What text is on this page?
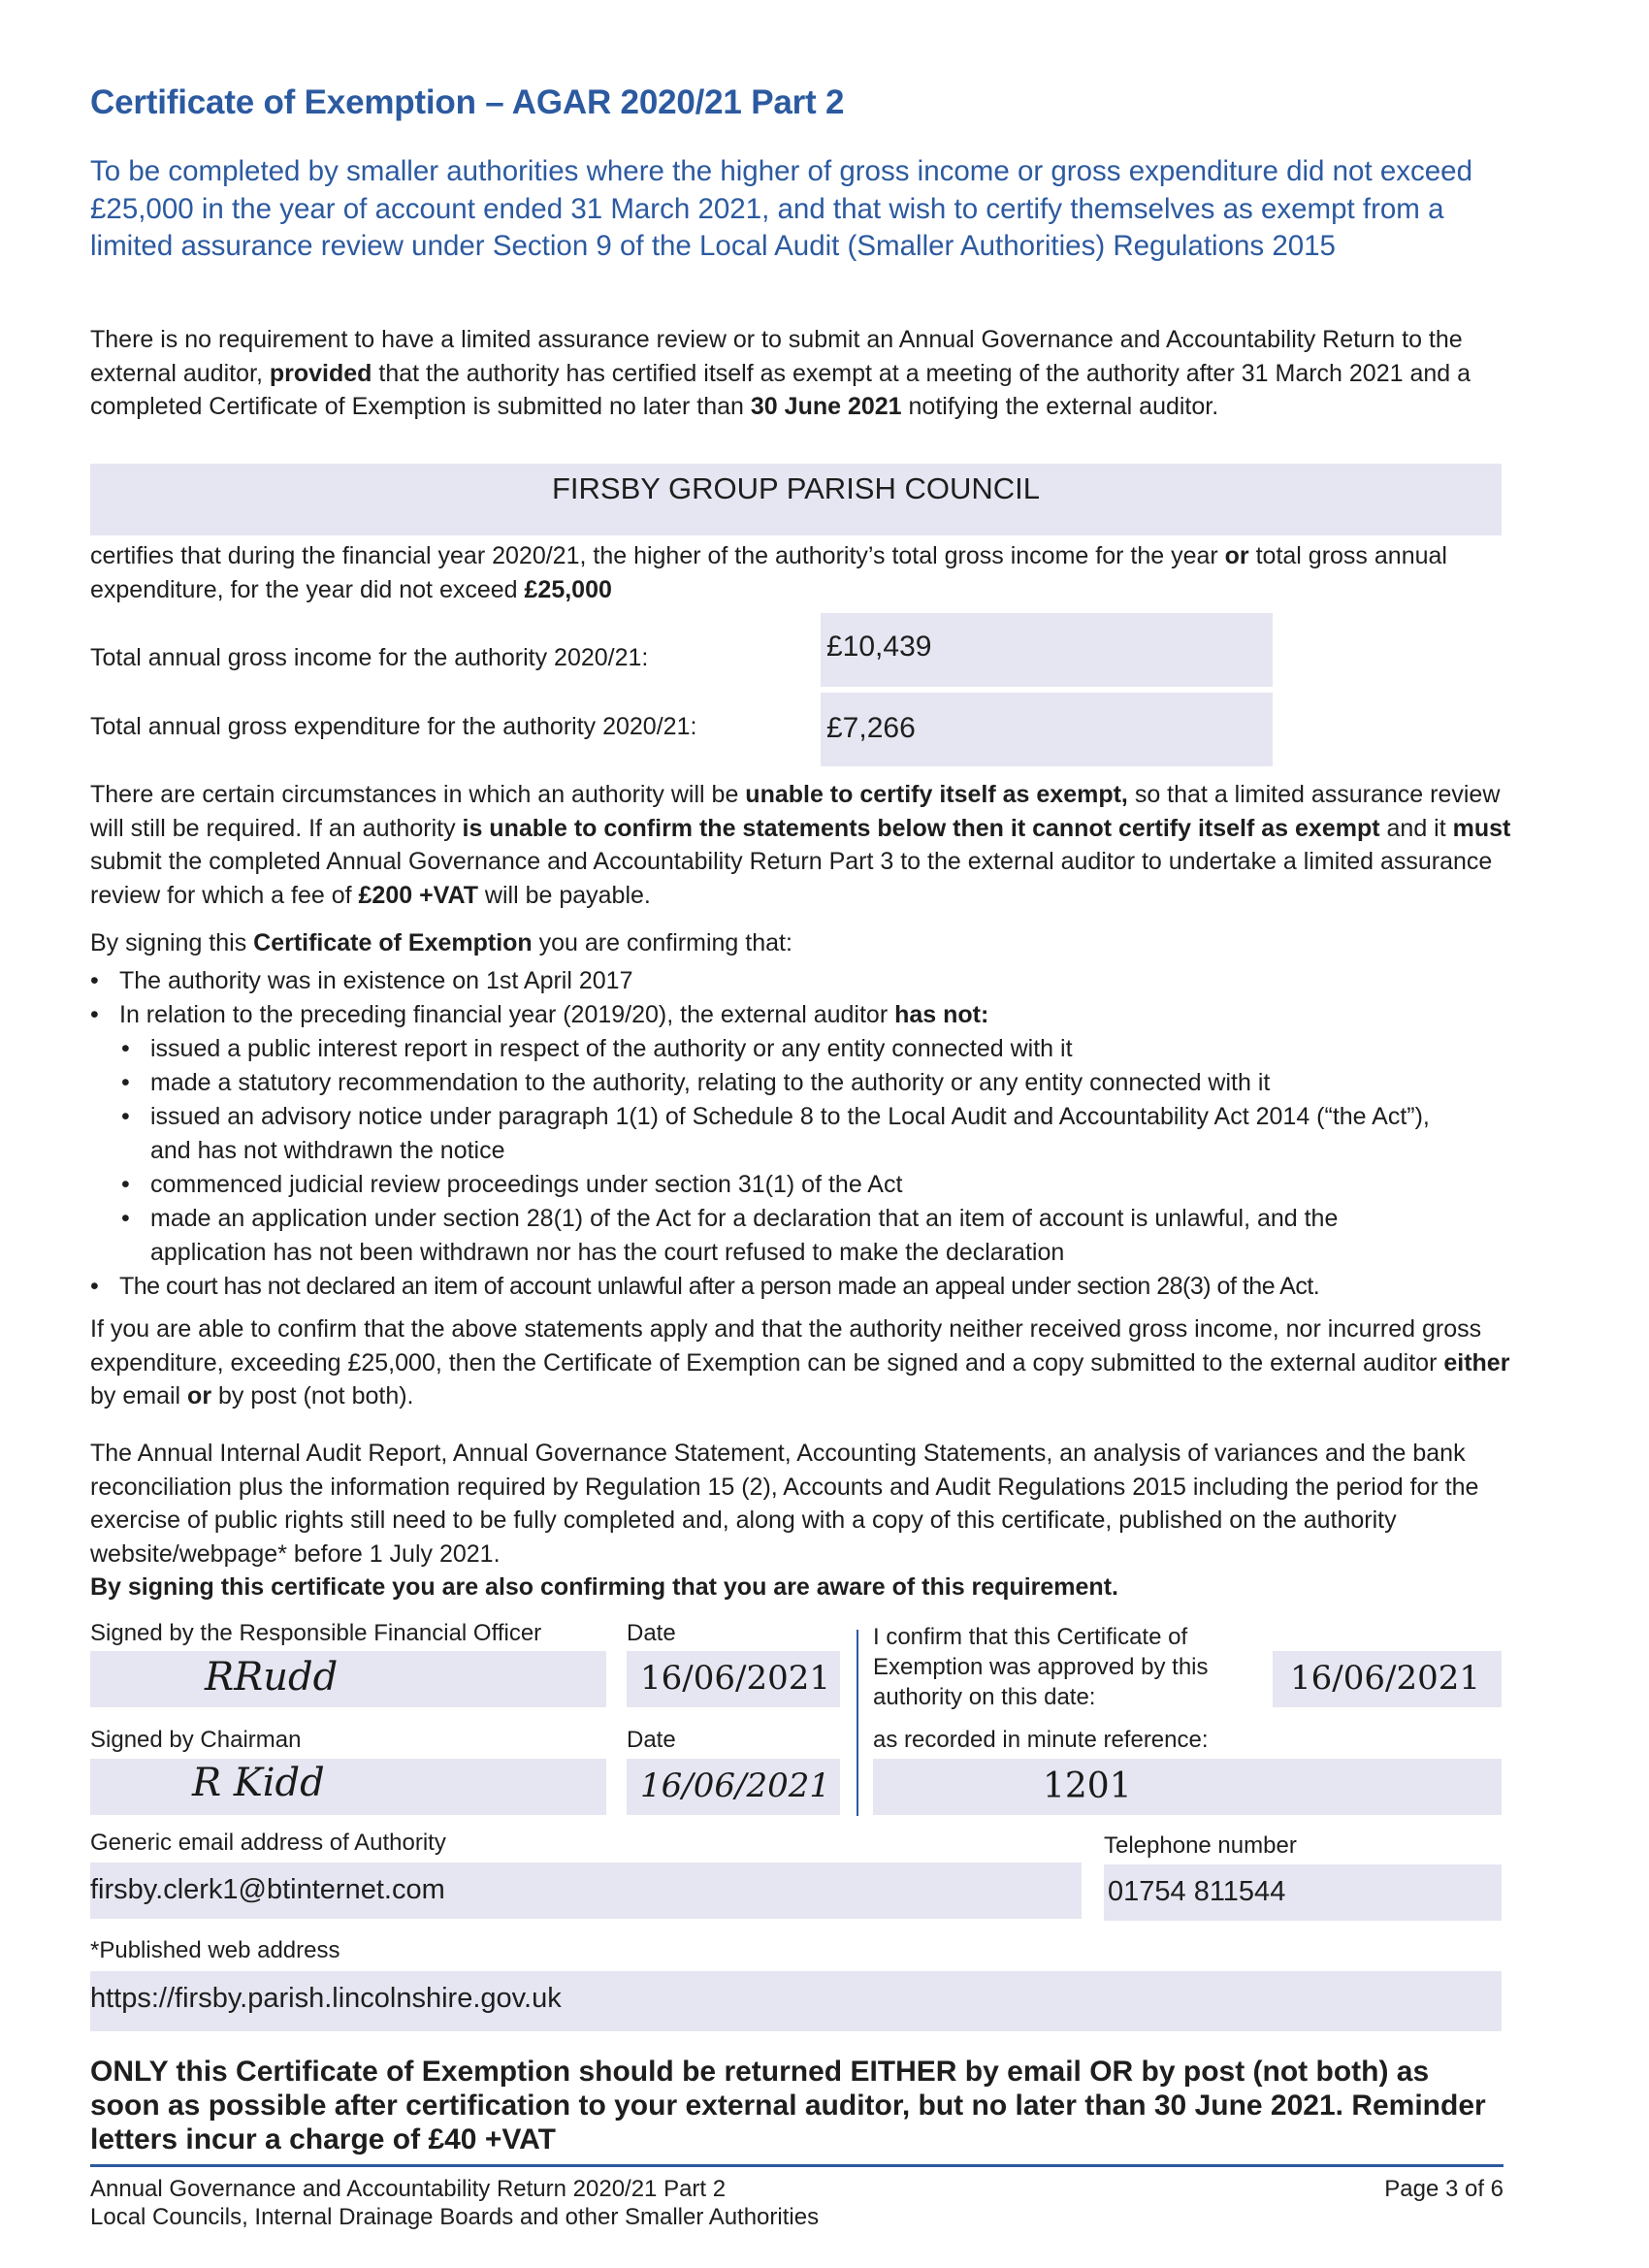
Certificate of Exemption – AGAR 2020/21 Part 2
To be completed by smaller authorities where the higher of gross income or gross expenditure did not exceed £25,000 in the year of account ended 31 March 2021, and that wish to certify themselves as exempt from a limited assurance review under Section 9 of the Local Audit (Smaller Authorities) Regulations 2015
There is no requirement to have a limited assurance review or to submit an Annual Governance and Accountability Return to the external auditor, provided that the authority has certified itself as exempt at a meeting of the authority after 31 March 2021 and a completed Certificate of Exemption is submitted no later than 30 June 2021 notifying the external auditor.
FIRSBY GROUP PARISH COUNCIL
certifies that during the financial year 2020/21, the higher of the authority’s total gross income for the year or total gross annual expenditure, for the year did not exceed £25,000
Total annual gross income for the authority 2020/21:	£10,439
Total annual gross expenditure for the authority 2020/21:	£7,266
There are certain circumstances in which an authority will be unable to certify itself as exempt, so that a limited assurance review will still be required. If an authority is unable to confirm the statements below then it cannot certify itself as exempt and it must submit the completed Annual Governance and Accountability Return Part 3 to the external auditor to undertake a limited assurance review for which a fee of £200 +VAT will be payable.
By signing this Certificate of Exemption you are confirming that:
• The authority was in existence on 1st April 2017
• In relation to the preceding financial year (2019/20), the external auditor has not:
• issued a public interest report in respect of the authority or any entity connected with it
• made a statutory recommendation to the authority, relating to the authority or any entity connected with it
• issued an advisory notice under paragraph 1(1) of Schedule 8 to the Local Audit and Accountability Act 2014 (“the Act”), and has not withdrawn the notice
• commenced judicial review proceedings under section 31(1) of the Act
• made an application under section 28(1) of the Act for a declaration that an item of account is unlawful, and the application has not been withdrawn nor has the court refused to make the declaration
• The court has not declared an item of account unlawful after a person made an appeal under section 28(3) of the Act.
If you are able to confirm that the above statements apply and that the authority neither received gross income, nor incurred gross expenditure, exceeding £25,000, then the Certificate of Exemption can be signed and a copy submitted to the external auditor either by email or by post (not both).
The Annual Internal Audit Report, Annual Governance Statement, Accounting Statements, an analysis of variances and the bank reconciliation plus the information required by Regulation 15 (2), Accounts and Audit Regulations 2015 including the period for the exercise of public rights still need to be fully completed and, along with a copy of this certificate, published on the authority website/webpage* before 1 July 2021.
By signing this certificate you are also confirming that you are aware of this requirement.
Signed by the Responsible Financial Officer	Date
RRudd	16/06/2021
Signed by Chairman	Date
R Kidd	16/06/2021
I confirm that this Certificate of Exemption was approved by this authority on this date:	16/06/2021
as recorded in minute reference:
1201
Generic email address of Authority
firsby.clerk1@btinternet.com
Telephone number
01754 811544
*Published web address
https://firsby.parish.lincolnshire.gov.uk
ONLY this Certificate of Exemption should be returned EITHER by email OR by post (not both) as soon as possible after certification to your external auditor, but no later than 30 June 2021. Reminder letters incur a charge of £40 +VAT
Annual Governance and Accountability Return 2020/21 Part 2
Local Councils, Internal Drainage Boards and other Smaller Authorities
Page 3 of 6
